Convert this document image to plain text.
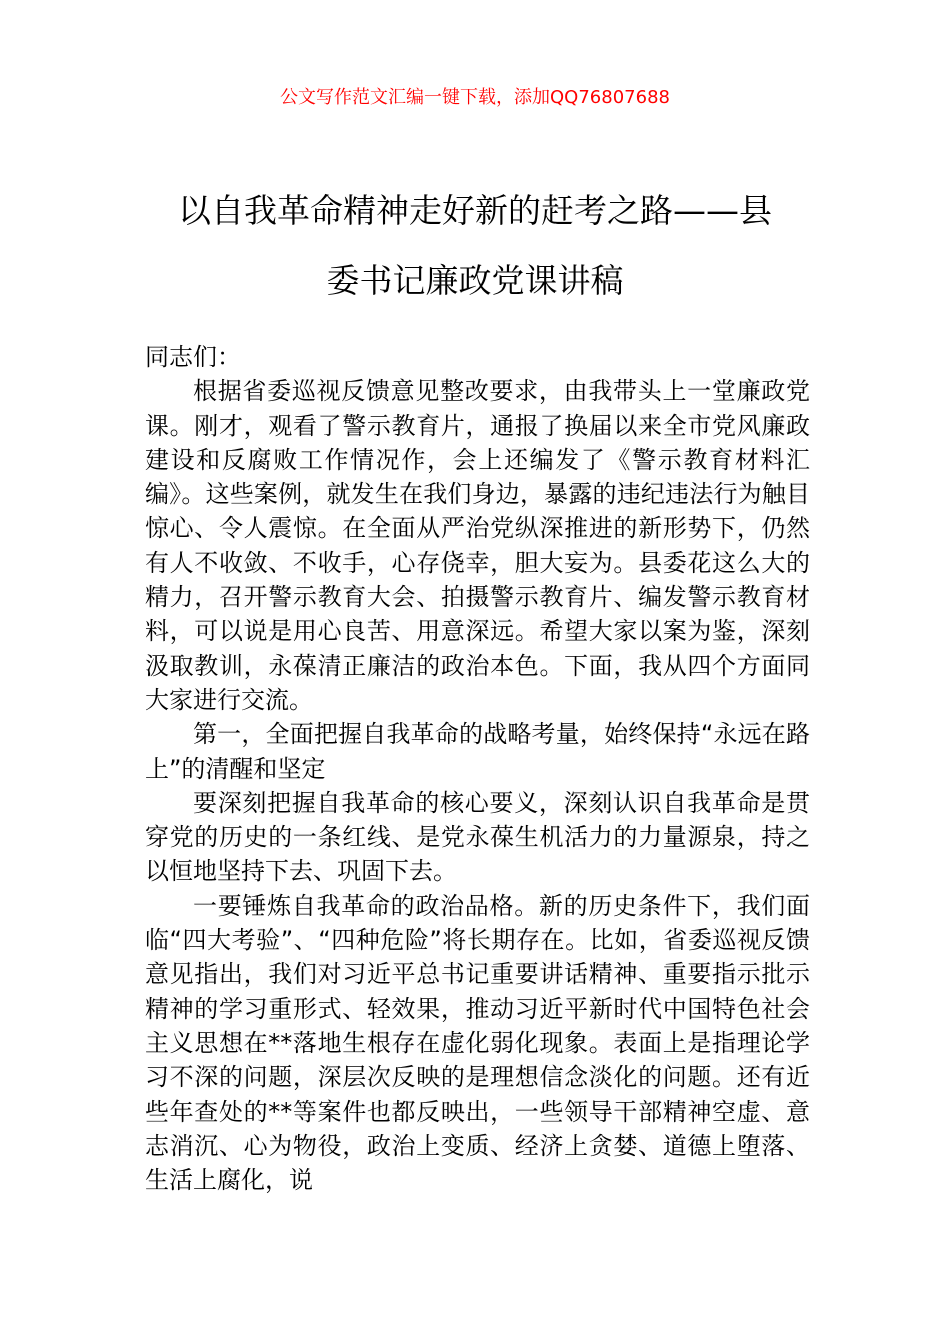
公文写作范文汇编一键下载，添加QQ76807688
以自我革命精神走好新的赶考之路——县
委书记廉政党课讲稿

同志们：

根据省委巡视反馈意见整改要求，由我带头上一堂廉政党课。刚才，观看了警示教育片，通报了换届以来全市党风廉政建设和反腐败工作情况作，会上还编发了《警示教育材料汇编》。这些案例，就发生在我们身边，暴露的违纪违法行为触目惊心、令人震惊。在全面从严治党纵深推进的新形势下，仍然有人不收敛、不收手，心存侥幸，胆大妄为。县委花这么大的精力，召开警示教育大会、拍摄警示教育片、编发警示教育材料，可以说是用心良苦、用意深远。希望大家以案为鉴，深刻汲取教训，永葆清正廉洁的政治本色。下面，我从四个方面同大家进行交流。

第一，全面把握自我革命的战略考量，始终保持“永远在路上”的清醒和坚定

要深刻把握自我革命的核心要义，深刻认识自我革命是贯穿党的历史的一条红线、是党永葆生机活力的力量源泉，持之以恒地坚持下去、巩固下去。

一要锤炼自我革命的政治品格。新的历史条件下，我们面临“四大考验”、“四种危险”将长期存在。比如，省委巡视反馈意见指出，我们对习近平总书记重要讲话精神、重要指示批示精神的学习重形式、轻效果，推动习近平新时代中国特色社会主义思想在**落地生根存在虚化弱化现象。表面上是指理论学习不深的问题，深层次反映的是理想信念淡化的问题。还有近些年查处的**等案件也都反映出，一些领导干部精神空虚、意志消沉、心为物役，政治上变质、经济上贪婪、道德上堕落、生活上腐化，说
